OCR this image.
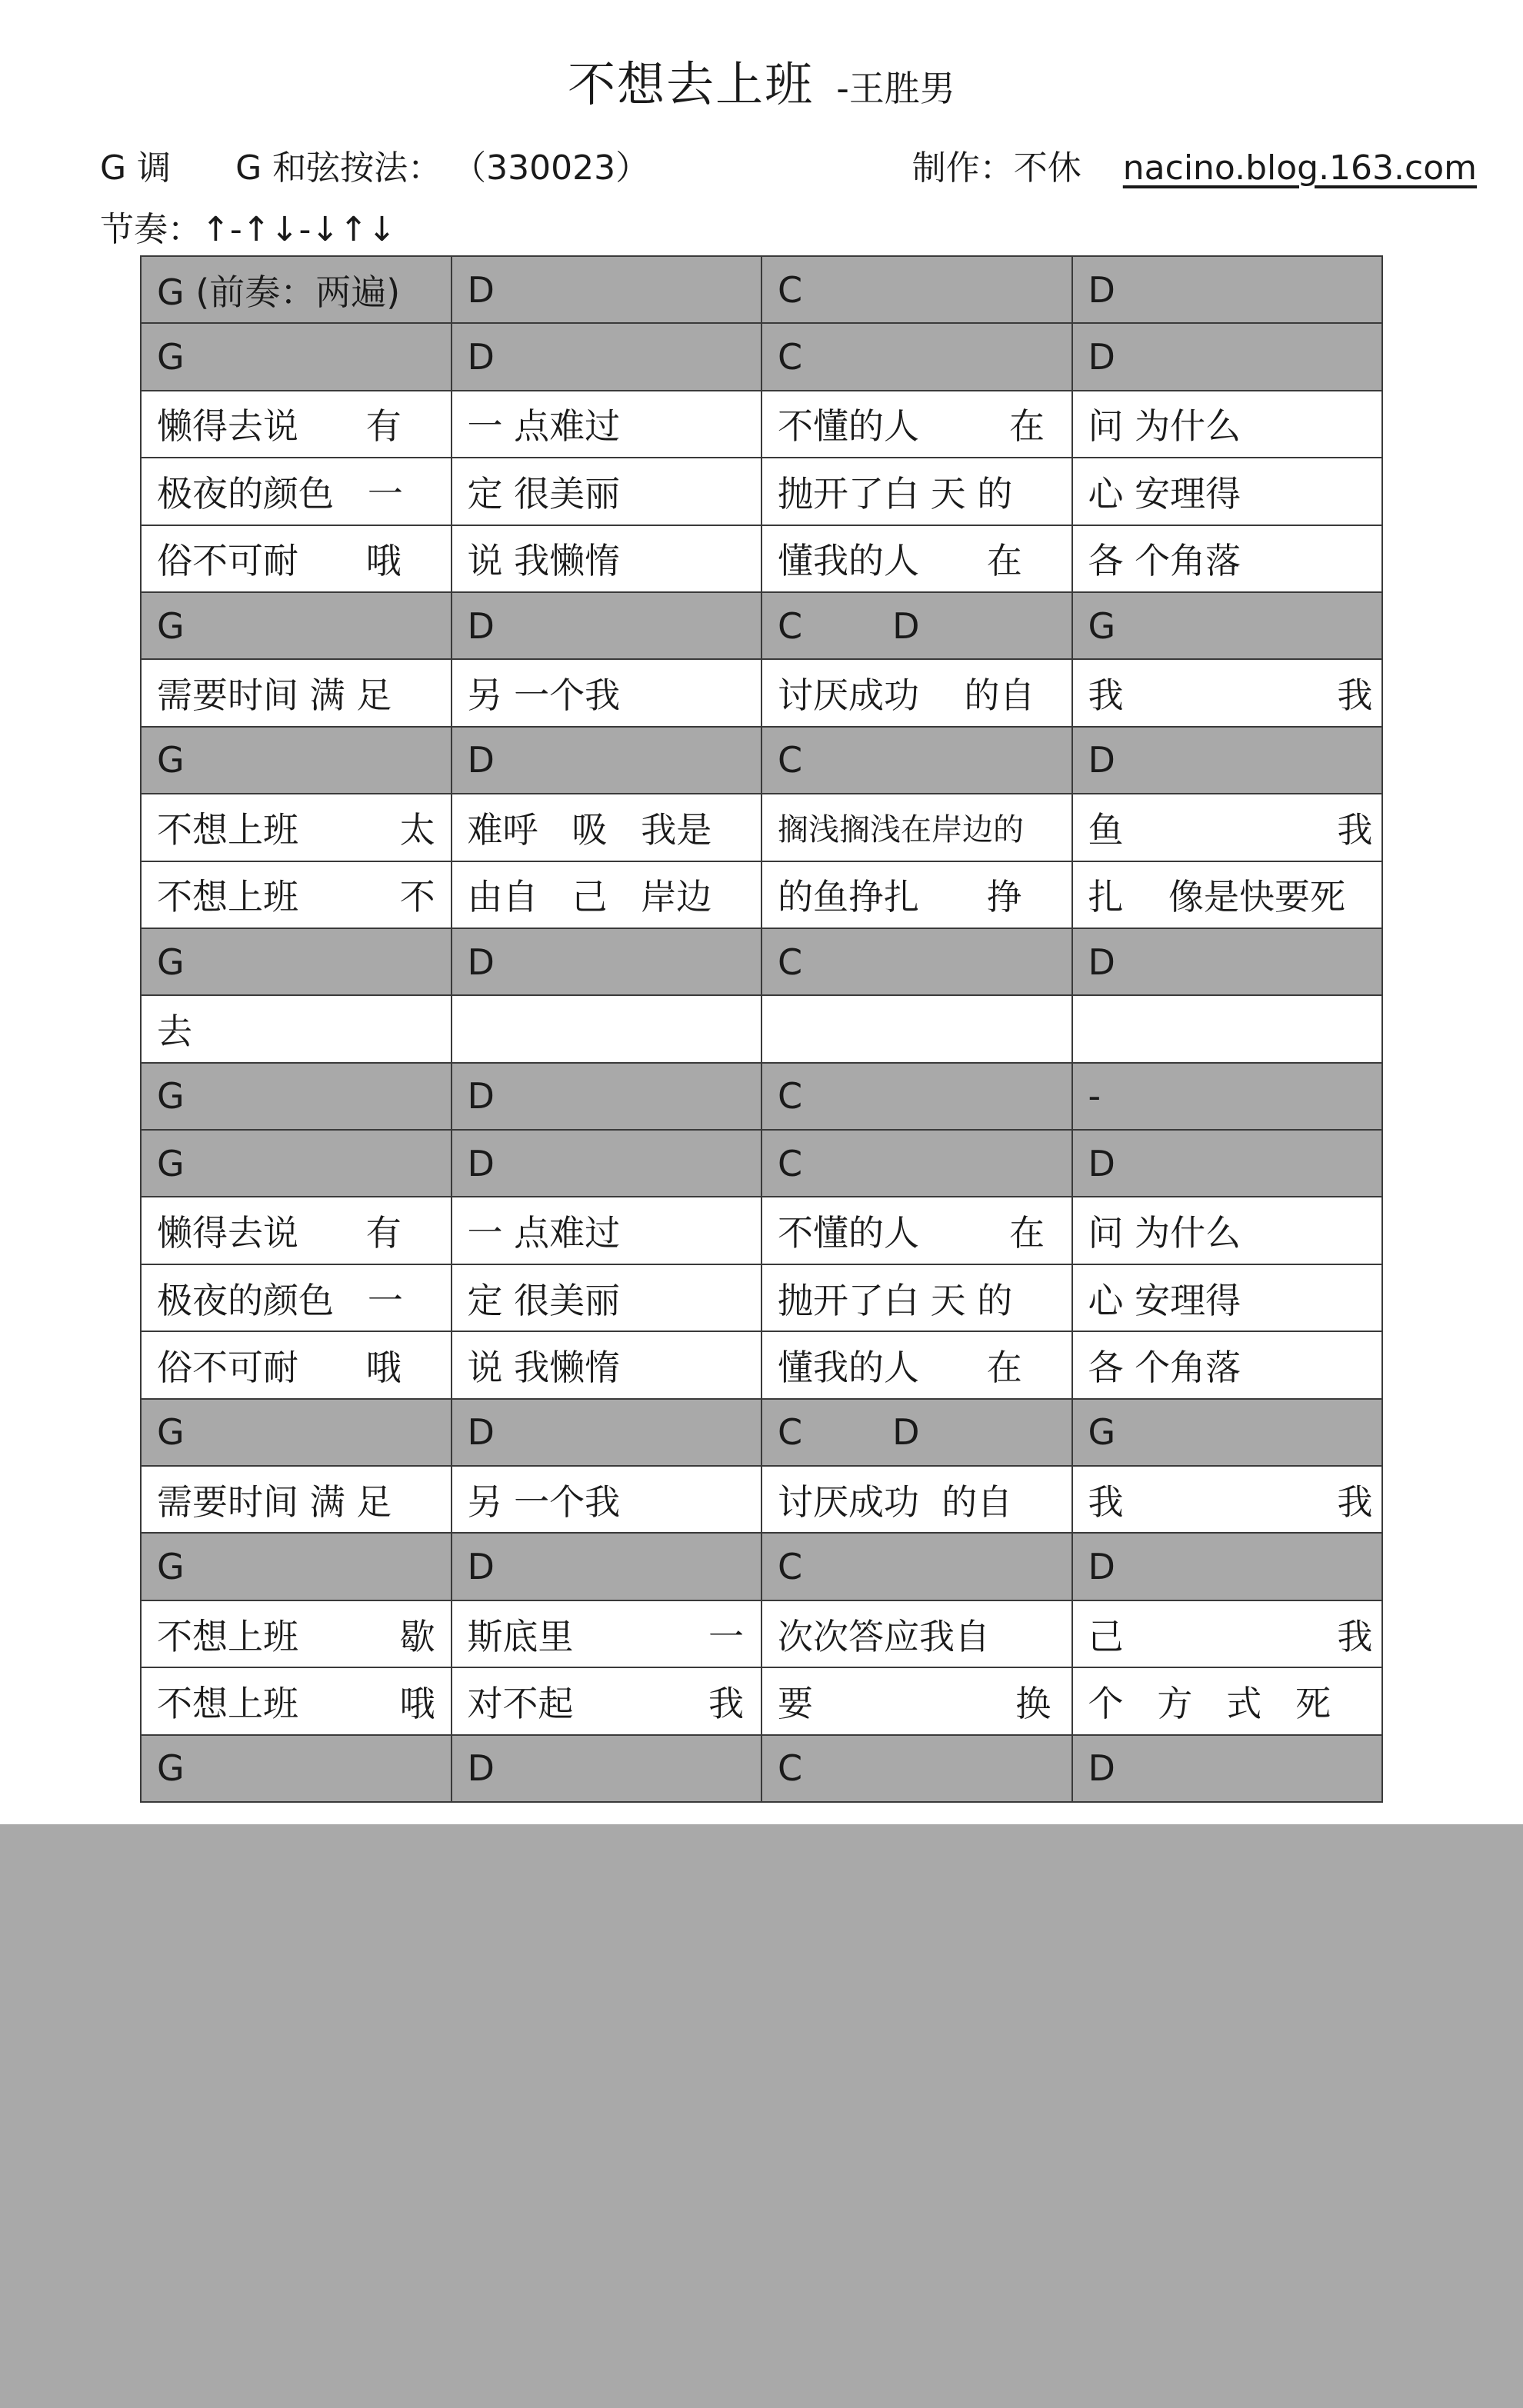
不想去上班 -王胜男
G 调 G 和弦按法： （330023）	制作：不休 nacino.blog.163.com
节奏：↑-↑↓-↓↑↓
G (前奏：两遍)	D	C	D
G	D	C	D
懒得去说      有	一 点难过	不懂的人        在	问 为什么
极夜的颜色   一	定 很美丽	抛开了白 天 的	心 安理得
俗不可耐      哦	说 我懒惰	懂我的人      在	各 个角落
G	D	C        D	G
需要时间 满 足	另 一个我	讨厌成功    的自	我                   我
G	D	C	D
不想上班         太	难呼   吸   我是	搁浅搁浅在岸边的	鱼                   我
不想上班         不	由自   己   岸边	的鱼挣扎      挣	扎    像是快要死
G	D	C	D
去			
G	D	C	-
G	D	C	D
懒得去说      有	一 点难过	不懂的人        在	问 为什么
极夜的颜色   一	定 很美丽	抛开了白 天 的	心 安理得
俗不可耐      哦	说 我懒惰	懂我的人      在	各 个角落
G	D	C        D	G
需要时间 满 足	另 一个我	讨厌成功  的自	我                   我
G	D	C	D
不想上班         歇	斯底里            一	次次答应我自	己                   我
不想上班         哦	对不起            我	要                  换	个   方   式   死
G	D	C	D
